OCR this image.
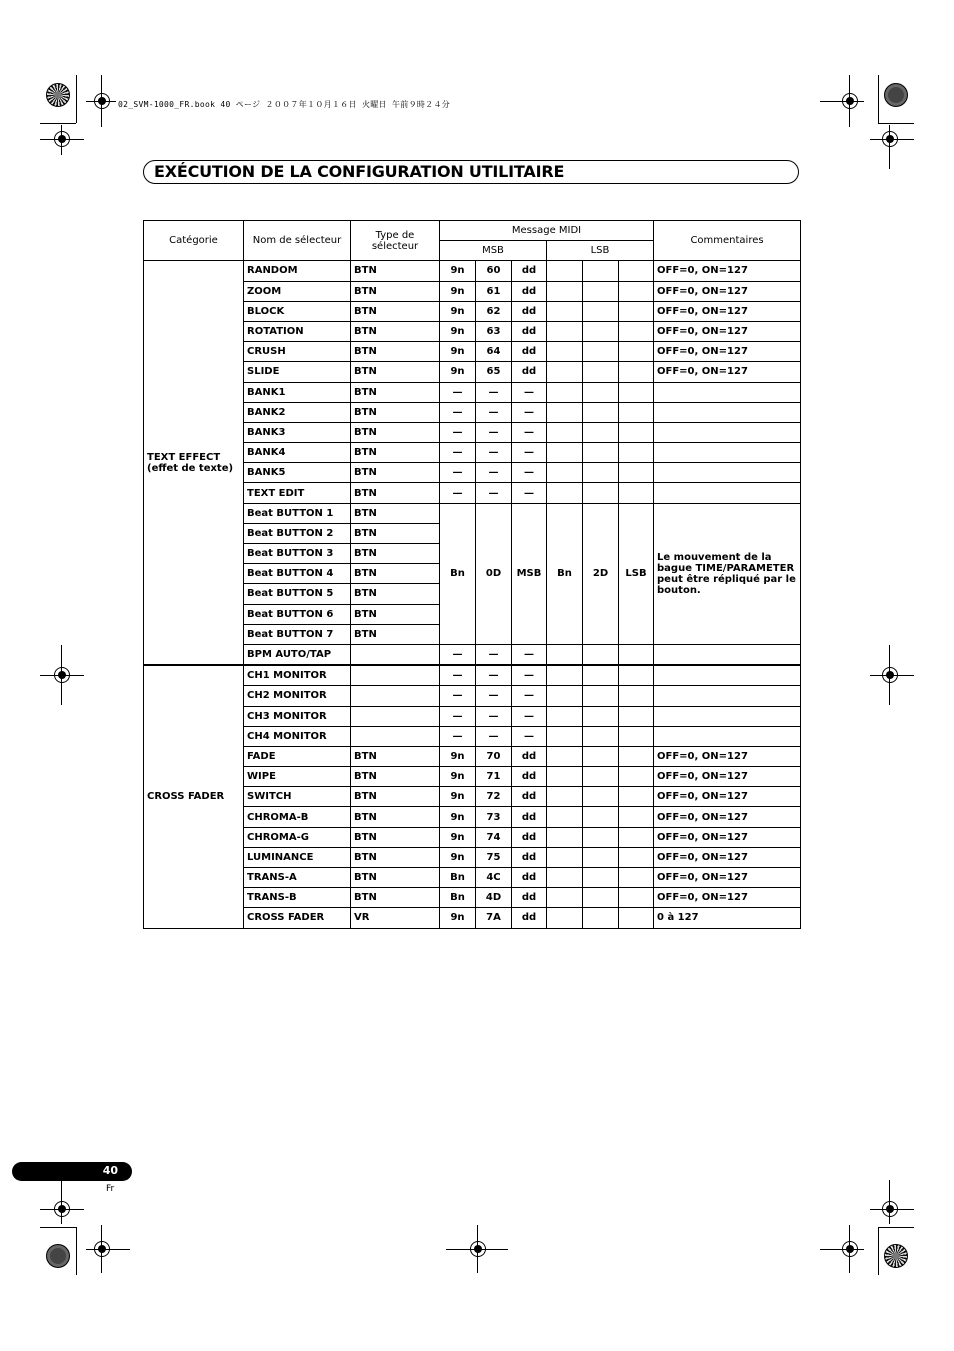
02_SVM-1000_FR.book 40 ページ ２００７年１０月１６日 火曜日 午前９時２４分
EXÉCUTION DE LA CONFIGURATION UTILITAIRE
Catégorie	Nom de sélecteur	Type de sélecteur	Message MIDI						Commentaires
			MSB			LSB			
TEXT EFFECT (effet de texte)	RANDOM	BTN	9n	60	dd				OFF=0, ON=127
	ZOOM	BTN	9n	61	dd				OFF=0, ON=127
	BLOCK	BTN	9n	62	dd				OFF=0, ON=127
	ROTATION	BTN	9n	63	dd				OFF=0, ON=127
	CRUSH	BTN	9n	64	dd				OFF=0, ON=127
	SLIDE	BTN	9n	65	dd				OFF=0, ON=127
	BANK1	BTN	—	—	—				
	BANK2	BTN	—	—	—				
	BANK3	BTN	—	—	—				
	BANK4	BTN	—	—	—				
	BANK5	BTN	—	—	—				
	TEXT EDIT	BTN	—	—	—				
	Beat BUTTON 1	BTN	Bn	0D	MSB	Bn	2D	LSB	Le mouvement de la bague TIME/PARAMETER peut être répliqué par le bouton.
	Beat BUTTON 2	BTN							
	Beat BUTTON 3	BTN							
	Beat BUTTON 4	BTN							
	Beat BUTTON 5	BTN							
	Beat BUTTON 6	BTN							
	Beat BUTTON 7	BTN							
	BPM AUTO/TAP		—	—	—				
CROSS FADER	CH1 MONITOR		—	—	—				
	CH2 MONITOR		—	—	—				
	CH3 MONITOR		—	—	—				
	CH4 MONITOR		—	—	—				
	FADE	BTN	9n	70	dd				OFF=0, ON=127
	WIPE	BTN	9n	71	dd				OFF=0, ON=127
	SWITCH	BTN	9n	72	dd				OFF=0, ON=127
	CHROMA-B	BTN	9n	73	dd				OFF=0, ON=127
	CHROMA-G	BTN	9n	74	dd				OFF=0, ON=127
	LUMINANCE	BTN	9n	75	dd				OFF=0, ON=127
	TRANS-A	BTN	Bn	4C	dd				OFF=0, ON=127
	TRANS-B	BTN	Bn	4D	dd				OFF=0, ON=127
	CROSS FADER	VR	9n	7A	dd				0 à 127
40
Fr
